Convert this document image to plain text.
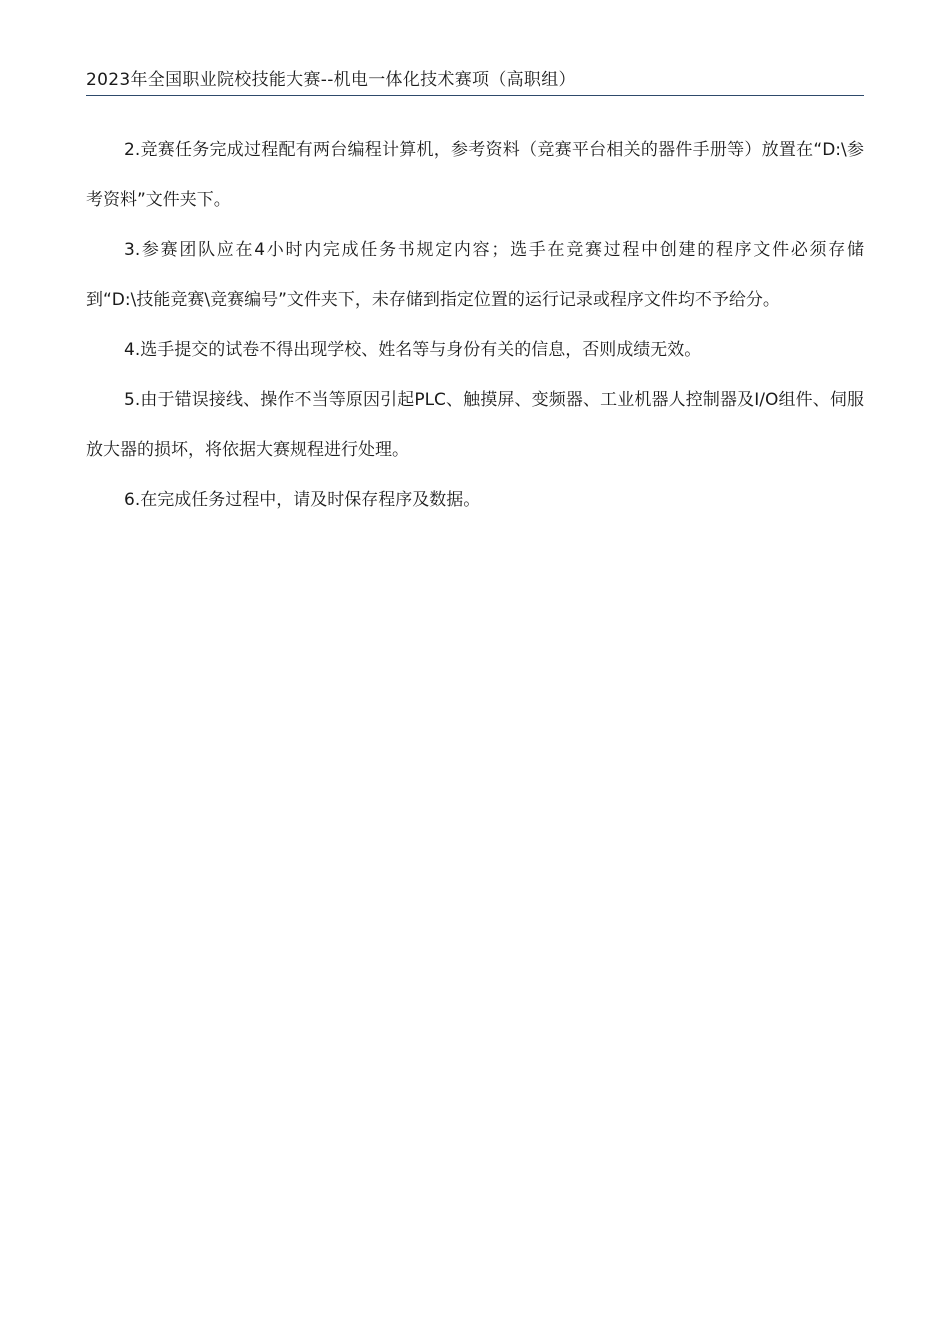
2023年全国职业院校技能大赛--机电一体化技术赛项（高职组）

2.竞赛任务完成过程配有两台编程计算机，参考资料（竞赛平台相关的器件手册等）放置在“D:\参考资料”文件夹下。

3.参赛团队应在4小时内完成任务书规定内容；选手在竞赛过程中创建的程序文件必须存储到“D:\技能竞赛\竞赛编号”文件夹下，未存储到指定位置的运行记录或程序文件均不予给分。

4.选手提交的试卷不得出现学校、姓名等与身份有关的信息，否则成绩无效。

5.由于错误接线、操作不当等原因引起PLC、触摸屏、变频器、工业机器人控制器及I/O组件、伺服放大器的损坏，将依据大赛规程进行处理。

6.在完成任务过程中，请及时保存程序及数据。
